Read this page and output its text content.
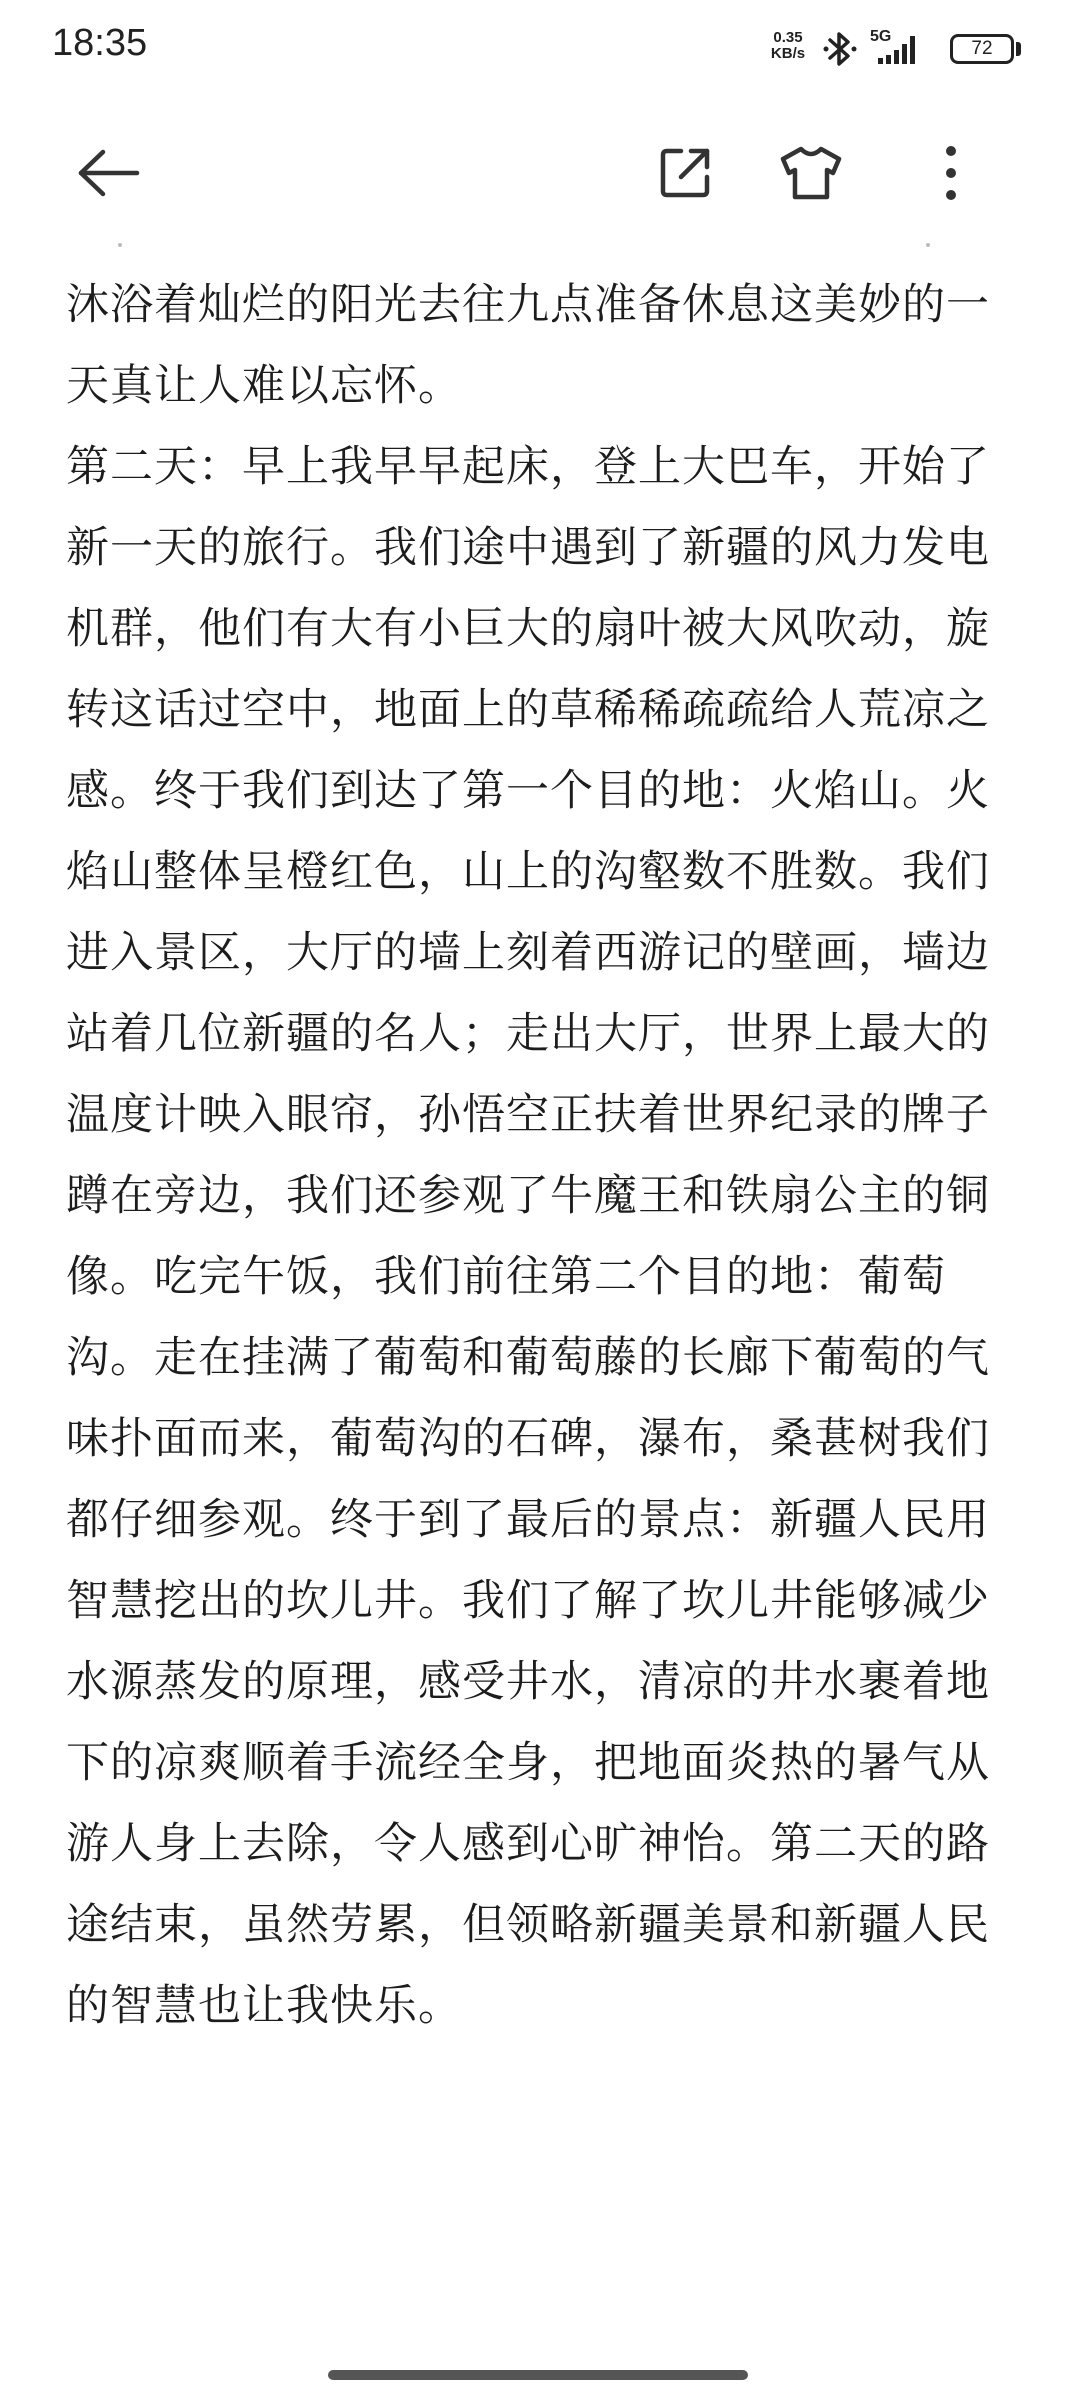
18:35	0.35
KB/s
5G
72

沐浴着灿烂的阳光去往九点准备休息这美妙的一天真让人难以忘怀。

第二天：早上我早早起床，登上大巴车，开始了新一天的旅行。我们途中遇到了新疆的风力发电机群，他们有大有小巨大的扇叶被大风吹动，旋转这话过空中，地面上的草稀稀疏疏给人荒凉之感。终于我们到达了第一个目的地：火焰山。火焰山整体呈橙红色，山上的沟壑数不胜数。我们进入景区，大厅的墙上刻着西游记的壁画，墙边站着几位新疆的名人；走出大厅，世界上最大的温度计映入眼帘，孙悟空正扶着世界纪录的牌子蹲在旁边，我们还参观了牛魔王和铁扇公主的铜像。吃完午饭，我们前往第二个目的地：葡萄沟。走在挂满了葡萄和葡萄藤的长廊下葡萄的气味扑面而来，葡萄沟的石碑，瀑布，桑葚树我们都仔细参观。终于到了最后的景点：新疆人民用智慧挖出的坎儿井。我们了解了坎儿井能够减少水源蒸发的原理，感受井水，清凉的井水裹着地下的凉爽顺着手流经全身，把地面炎热的暑气从游人身上去除，令人感到心旷神怡。第二天的路途结束，虽然劳累，但领略新疆美景和新疆人民的智慧也让我快乐。
